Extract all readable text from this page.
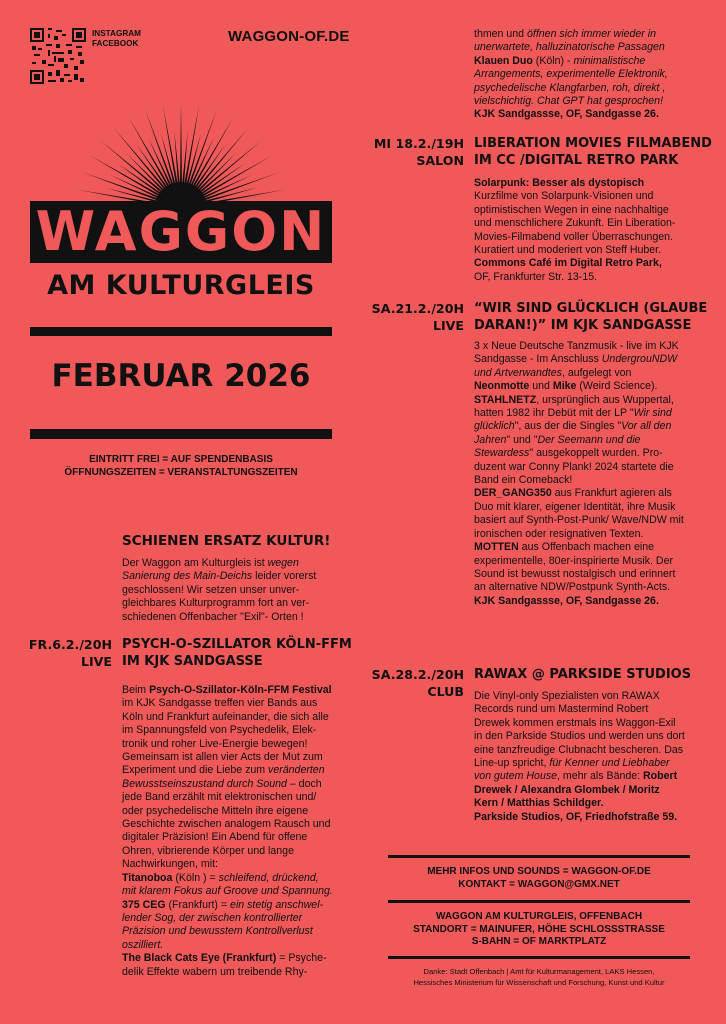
INSTAGRAM
FACEBOOK	WAGGON-OF.DE
WAGGON
AM KULTURGLEIS
FEBRUAR 2026
EINTRITT FREI = AUF SPENDENBASIS
ÖFFNUNGSZEITEN = VERANSTALTUNGSZEITEN
SCHIENEN ERSATZ KULTUR!
Der Waggon am Kulturgleis ist wegen Sanierung des Main-Deichs leider vorerst geschlossen! Wir setzen unser unvergleichbares Kulturprogramm fort an verschiedenen Offenbacher "Exil"- Orten !
FR.6.2./20H
LIVE
PSYCH-O-SZILLATOR KÖLN-FFM
IM KJK SANDGASSE
Beim Psych-O-Szillator-Köln-FFM Festival im KJK Sandgasse treffen vier Bands aus Köln und Frankfurt aufeinander, die sich alle im Spannungsfeld von Psychedelik, Elektronik und roher Live-Energie bewegen! Gemeinsam ist allen vier Acts der Mut zum Experiment und die Liebe zum veränderten Bewusstseinszustand durch Sound – doch jede Band erzählt mit elektronischen und/ oder psychedelische Mitteln ihre eigene Geschichte zwischen analogem Rausch und digitaler Präzision! Ein Abend für offene Ohren, vibrierende Körper und lange Nachwirkungen, mit:
Titanoboa (Köln ) = schleifend, drückend, mit klarem Fokus auf Groove und Spannung.
375 CEG (Frankfurt) = ein stetig anschwellender Sog, der zwischen kontrollierter Präzision und bewusstem Kontrollverlust oszilliert.
The Black Cats Eye (Frankfurt) = Psychedelik Effekte wabern um treibende Rhy-
thmen und öffnen sich immer wieder in unerwartete, halluzinatorische Passagen
Klauen Duo (Köln) - minimalistische Arrangements, experimentelle Elektronik, psychedelische Klangfarben, roh, direkt , vielschichtig. Chat GPT hat gesprochen!
KJK Sandgassse, OF, Sandgasse 26.
MI 18.2./19H
SALON
LIBERATION MOVIES FILMABEND
IM CC /DIGITAL RETRO PARK
Solarpunk: Besser als dystopisch
Kurzfilme von Solarpunk-Visionen und optimistischen Wegen in eine nachhaltige und menschlichere Zukunft. Ein Liberation-Movies-Filmabend voller Überraschungen. Kuratiert und moderiert von Steff Huber.
Commons Café im Digital Retro Park,
OF, Frankfurter Str. 13-15.
SA.21.2./20H
LIVE
“WIR SIND GLÜCKLICH (GLAUBE
DARAN!)” IM KJK SANDGASSE
3 x Neue Deutsche Tanzmusik - live im KJK Sandgasse - Im Anschluss UndergrouNDW und Artverwandtes, aufgelegt von Neonmotte und Mike (Weird Science).
STAHLNETZ, ursprünglich aus Wuppertal, hatten 1982 ihr Debüt mit der LP "Wir sind glücklich", aus der die Singles "Vor all den Jahren" und "Der Seemann und die Stewardess" ausgekoppelt wurden. Produzent war Conny Plank! 2024 startete die Band ein Comeback!
DER_GANG350 aus Frankfurt agieren als Duo mit klarer, eigener Identität, ihre Musik basiert auf Synth-Post-Punk/ Wave/NDW mit ironischen oder resignativen Texten.
MOTTEN aus Offenbach machen eine experimentelle, 80er-inspirierte Musik. Der Sound ist bewusst nostalgisch und erinnert an alternative NDW/Postpunk Synth-Acts.
KJK Sandgassse, OF, Sandgasse 26.
SA.28.2./20H
CLUB
RAWAX @ PARKSIDE STUDIOS
Die Vinyl-only Spezialisten von RAWAX Records rund um Mastermind Robert Drewek kommen erstmals ins Waggon-Exil in den Parkside Studios und werden uns dort eine tanzfreudige Clubnacht bescheren. Das Line-up spricht, für Kenner und Liebhaber von gutem House, mehr als Bände: Robert Drewek / Alexandra Glombek / Moritz Kern / Matthias Schildger.
Parkside Studios, OF, Friedhofstraße 59.
MEHR INFOS UND SOUNDS = WAGGON-OF.DE
KONTAKT = WAGGON@GMX.NET
WAGGON AM KULTURGLEIS, OFFENBACH
STANDORT = MAINUFER, HÖHE SCHLOSSSTRASSE
S-BAHN = OF MARKTPLATZ
Danke: Stadt Offenbach | Amt für Kulturmanagement, LAKS Hessen,
Hessisches Ministerium für Wissenschaft und Forschung, Kunst und Kultur
